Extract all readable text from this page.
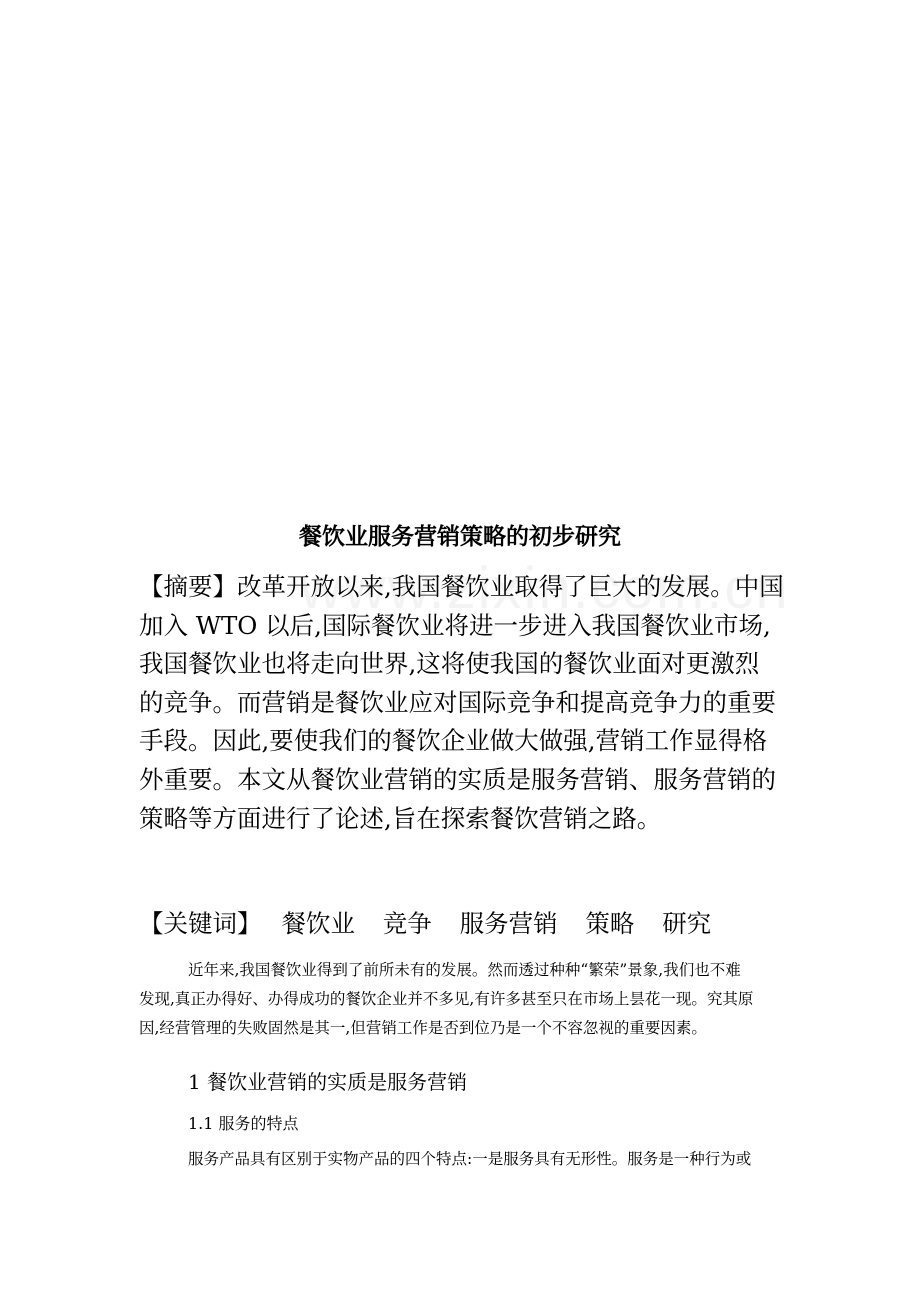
餐饮业服务营销策略的初步研究

【摘要】改革开放以来,我国餐饮业取得了巨大的发展。中国
加入 WTO 以后,国际餐饮业将进一步进入我国餐饮业市场,
我国餐饮业也将走向世界,这将使我国的餐饮业面对更激烈
的竞争。而营销是餐饮业应对国际竞争和提高竞争力的重要
手段。因此,要使我们的餐饮企业做大做强,营销工作显得格
外重要。本文从餐饮业营销的实质是服务营销、服务营销的
策略等方面进行了论述,旨在探索餐饮营销之路。

【关键词】 餐饮业 竞争 服务营销 策略 研究

近年来,我国餐饮业得到了前所未有的发展。然而透过种种“繁荣”景象,我们也不难
发现,真正办得好、办得成功的餐饮企业并不多见,有许多甚至只在市场上昙花一现。究其原
因,经营管理的失败固然是其一,但营销工作是否到位乃是一个不容忽视的重要因素。

1 餐饮业营销的实质是服务营销
1.1 服务的特点
服务产品具有区别于实物产品的四个特点:一是服务具有无形性。服务是一种行为或
